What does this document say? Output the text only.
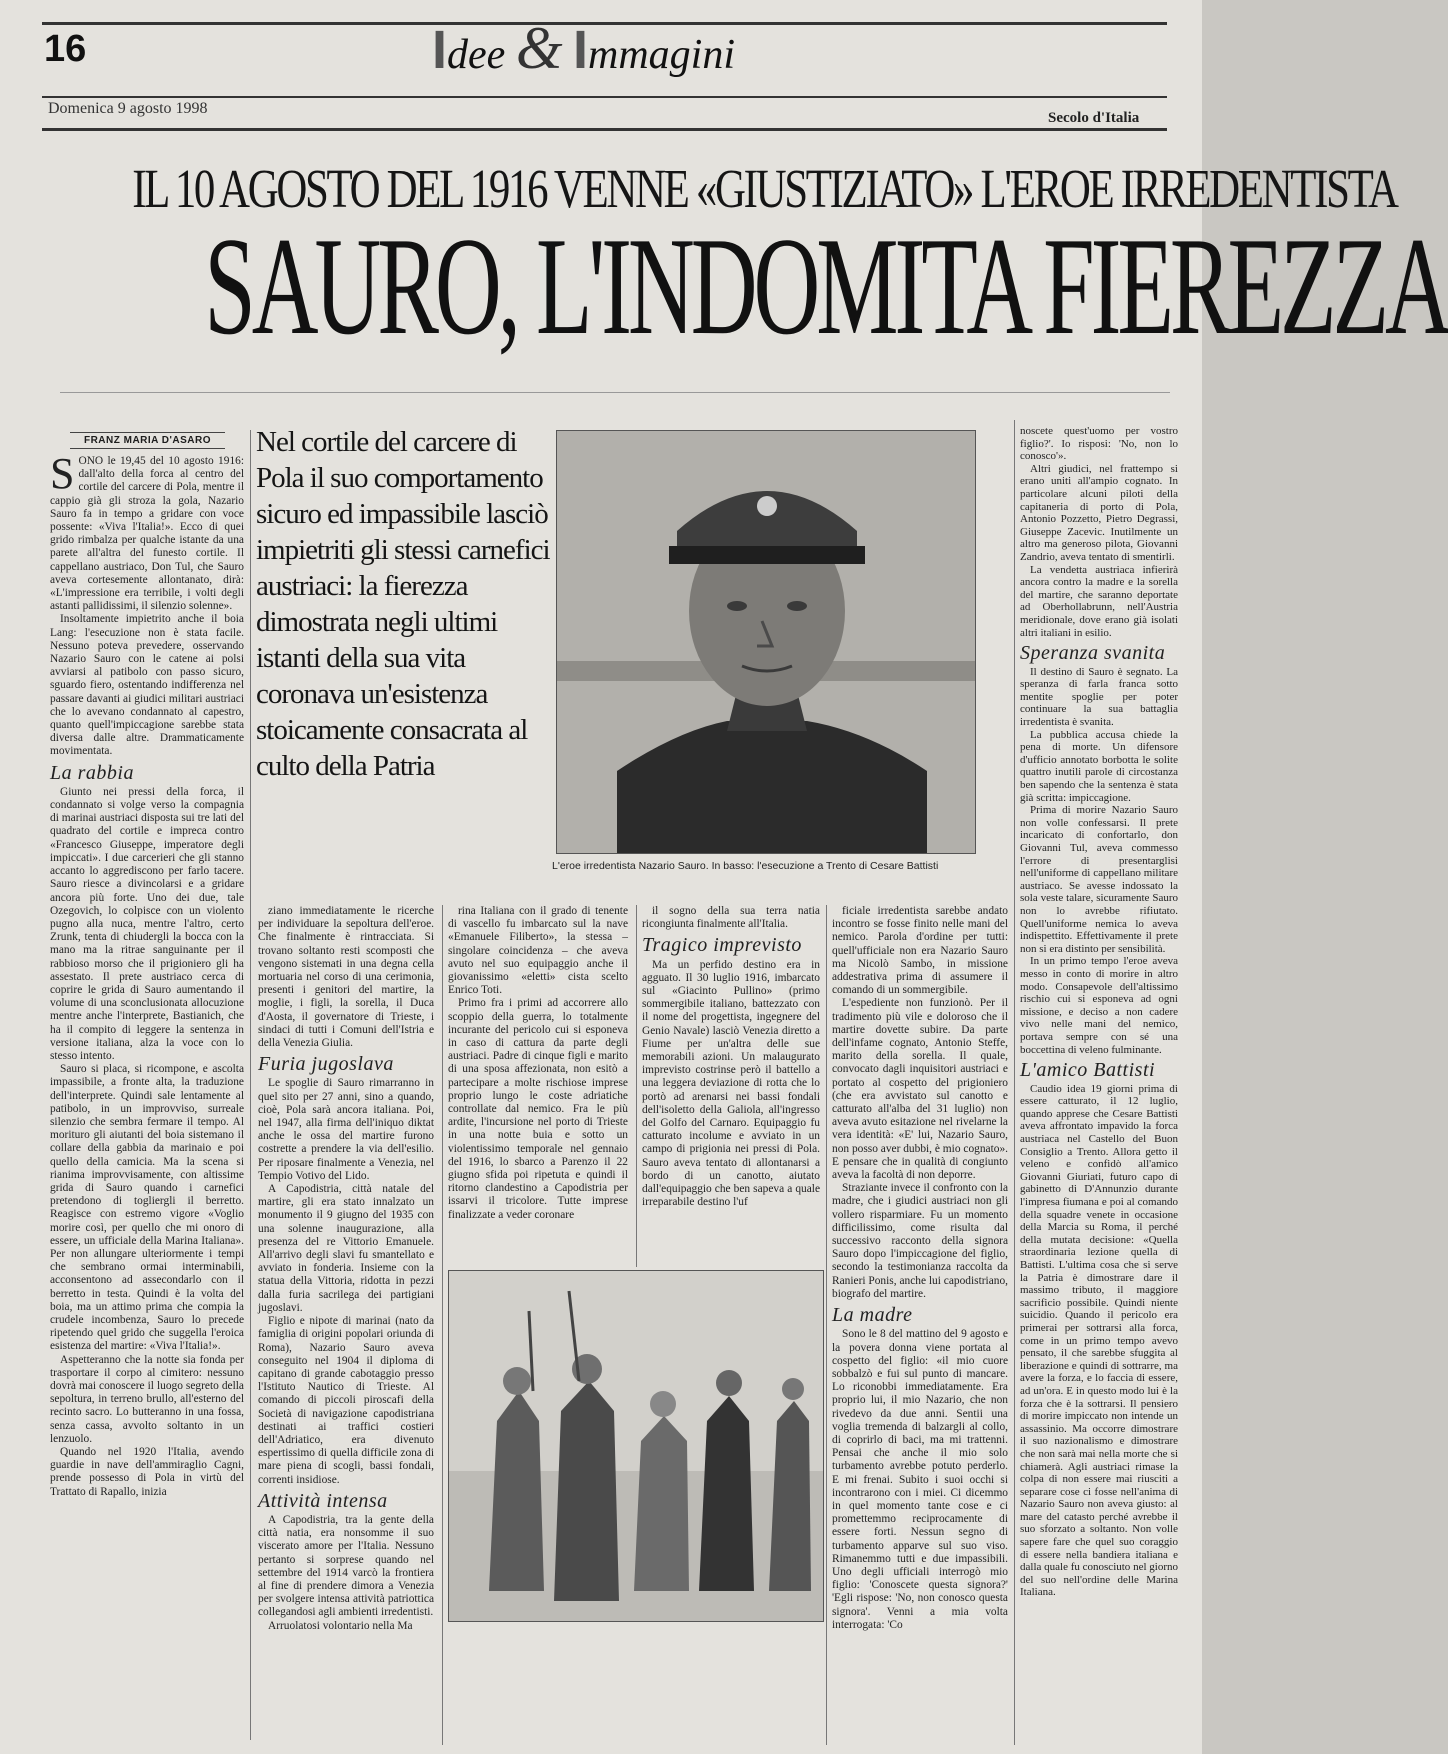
16	Idee & Immagini
Domenica 9 agosto 1998
Secolo d'Italia
IL 10 AGOSTO DEL 1916 VENNE «GIUSTIZIATO» L'EROE IRREDENTISTA
SAURO, L'INDOMITA FIEREZZA
FRANZ MARIA D'ASARO

SONO le 19,45 del 10 agosto 1916: dall'alto della forca al centro del cortile del carcere di Pola, mentre il cappio già gli stroza la gola, Nazario Sauro fa in tempo a gridare con voce possente: «Viva l'Italia!». Ecco di quei grido rimbalza per qualche istante da una parete all'altra del funesto cortile. Il cappellano austriaco, Don Tul, che Sauro aveva cortesemente allontanato, dirà: «L'impressione era terribile, i volti degli astanti pallidissimi, il silenzio solenne».

Insoltamente impietrito anche il boia Lang: l'esecuzione non è stata facile. Nessuno poteva prevedere, osservando Nazario Sauro con le catene ai polsi avviarsi al patibolo con passo sicuro, sguardo fiero, ostentando indifferenza nel passare davanti ai giudici militari austriaci che lo avevano condannato al capestro, quanto quell'impiccagione sarebbe stata diversa dalle altre. Drammaticamente movimentata.

La rabbia

Giunto nei pressi della forca, il condannato si volge verso la compagnia di marinai austriaci disposta sui tre lati del quadrato del cortile e impreca contro «Francesco Giuseppe, imperatore degli impiccati». I due carcerieri che gli stanno accanto lo aggrediscono per farlo tacere. Sauro riesce a divincolarsi e a gridare ancora più forte. Uno dei due, tale Ozegovich, lo colpisce con un violento pugno alla nuca, mentre l'altro, certo Zrunk, tenta di chiudergli la bocca con la mano ma la ritrae sanguinante per il rabbioso morso che il prigioniero gli ha assestato. Il prete austriaco cerca di coprire le grida di Sauro aumentando il volume di una sconclusionata allocuzione mentre anche l'interprete, Bastianich, che ha il compito di leggere la sentenza in versione italiana, alza la voce con lo stesso intento.

Sauro si placa, si ricompone, e ascolta impassibile, a fronte alta, la traduzione dell'interprete. Quindi sale lentamente al patibolo, in un improvviso, surreale silenzio che sembra fermare il tempo. Al morituro gli aiutanti del boia sistemano il collare della gabbia da marinaio e poi quello della camicia. Ma la scena si rianima improvvisamente, con altissime grida di Sauro quando i carnefici pretendono di togliergli il berretto. Reagisce con estremo vigore «Voglio morire così, per quello che mi onoro di essere, un ufficiale della Marina Italiana». Per non allungare ulteriormente i tempi che sembrano ormai interminabili, acconsentono ad assecondarlo con il berretto in testa. Quindi è la volta del boia, ma un attimo prima che compia la crudele incombenza, Sauro lo precede ripetendo quel grido che suggella l'eroica esistenza del martire: «Viva l'Italia!».

Aspetteranno che la notte sia fonda per trasportare il corpo al cimitero: nessuno dovrà mai conoscere il luogo segreto della sepoltura, in terreno brullo, all'esterno del recinto sacro. Lo butteranno in una fossa, senza cassa, avvolto soltanto in un lenzuolo.

Quando nel 1920 l'Italia, avendo guardie in nave dell'ammiraglio Cagni, prende possesso di Pola in virtù del Trattato di Rapallo, inizia

Nel cortile del carcere di Pola il suo comportamento sicuro ed impassibile lasciò impietriti gli stessi carnefici austriaci: la fierezza dimostrata negli ultimi istanti della sua vita coronava un'esistenza stoicamente consacrata al culto della Patria
L'eroe irredentista Nazario Sauro. In basso: l'esecuzione a Trento di Cesare Battisti

ziano immediatamente le ricerche per individuare la sepoltura dell'eroe. Che finalmente è rintracciata. Si trovano soltanto resti scomposti che vengono sistemati in una degna cella mortuaria nel corso di una cerimonia, presenti i genitori del martire, la moglie, i figli, la sorella, il Duca d'Aosta, il governatore di Trieste, i sindaci di tutti i Comuni dell'Istria e della Venezia Giulia.

Furia jugoslava

Le spoglie di Sauro rimarranno in quel sito per 27 anni, sino a quando, cioè, Pola sarà ancora italiana. Poi, nel 1947, alla firma dell'iniquo diktat anche le ossa del martire furono costrette a prendere la via dell'esilio. Per riposare finalmente a Venezia, nel Tempio Votivo del Lido.

A Capodistria, città natale del martire, gli era stato innalzato un monumento il 9 giugno del 1935 con una solenne inaugurazione, alla presenza del re Vittorio Emanuele. All'arrivo degli slavi fu smantellato e avviato in fonderia. Insieme con la statua della Vittoria, ridotta in pezzi dalla furia sacrilega dei partigiani jugoslavi.

Figlio e nipote di marinai (nato da famiglia di origini popolari oriunda di Roma), Nazario Sauro aveva conseguito nel 1904 il diploma di capitano di grande cabotaggio presso l'Istituto Nautico di Trieste. Al comando di piccoli piroscafi della Società di navigazione capodistriana destinati ai traffici costieri dell'Adriatico, era divenuto espertissimo di quella difficile zona di mare piena di scogli, bassi fondali, correnti insidiose.

Attività intensa

A Capodistria, tra la gente della città natia, era nonsomme il suo viscerato amore per l'Italia. Nessuno pertanto si sorprese quando nel settembre del 1914 varcò la frontiera al fine di prendere dimora a Venezia per svolgere intensa attività patriottica collegandosi agli ambienti irredentisti.

Arruolatosi volontario nella Ma

rina Italiana con il grado di tenente di vascello fu imbarcato sul la nave «Emanuele Filiberto», la stessa – singolare coincidenza – che aveva avuto nel suo equipaggio anche il giovanissimo «eletti» cista scelto Enrico Toti.

Primo fra i primi ad accorrere allo scoppio della guerra, lo totalmente incurante del pericolo cui si esponeva in caso di cattura da parte degli austriaci. Padre di cinque figli e marito di una sposa affezionata, non esitò a partecipare a molte rischiose imprese proprio lungo le coste adriatiche controllate dal nemico. Fra le più ardite, l'incursione nel porto di Trieste in una notte buia e sotto un violentissimo temporale nel gennaio del 1916, lo sbarco a Parenzo il 22 giugno sfida poi ripetuta e quindi il ritorno clandestino a Capodistria per issarvi il tricolore. Tutte imprese finalizzate a veder coronare

il sogno della sua terra natia ricongiunta finalmente all'Italia.

Tragico imprevisto

Ma un perfido destino era in agguato. Il 30 luglio 1916, imbarcato sul «Giacinto Pullino» (primo sommergibile italiano, battezzato con il nome del progettista, ingegnere del Genio Navale) lasciò Venezia diretto a Fiume per un'altra delle sue memorabili azioni. Un malaugurato imprevisto costrinse però il battello a una leggera deviazione di rotta che lo portò ad arenarsi nei bassi fondali dell'isoletto della Galiola, all'ingresso del Golfo del Carnaro. Equipaggio fu catturato incolume e avviato in un campo di prigionia nei pressi di Pola. Sauro aveva tentato di allontanarsi a bordo di un canotto, aiutato dall'equipaggio che ben sapeva a quale irreparabile destino l'uf

ficiale irredentista sarebbe andato incontro se fosse finito nelle mani del nemico. Parola d'ordine per tutti: quell'ufficiale non era Nazario Sauro ma Nicolò Sambo, in missione addestrativa prima di assumere il comando di un sommergibile.

L'espediente non funzionò. Per il tradimento più vile e doloroso che il martire dovette subire. Da parte dell'infame cognato, Antonio Steffe, marito della sorella. Il quale, convocato dagli inquisitori austriaci e portato al cospetto del prigioniero (che era avvistato sul canotto e catturato all'alba del 31 luglio) non aveva avuto esitazione nel rivelarne la vera identità: «E' lui, Nazario Sauro, non posso aver dubbi, è mio cognato». E pensare che in qualità di congiunto aveva la facoltà di non deporre.

Straziante invece il confronto con la madre, che i giudici austriaci non gli vollero risparmiare. Fu un momento difficilissimo, come risulta dal successivo racconto della signora Sauro dopo l'impiccagione del figlio, secondo la testimonianza raccolta da Ranieri Ponis, anche lui capodistriano, biografo del martire.

La madre

Sono le 8 del mattino del 9 agosto e la povera donna viene portata al cospetto del figlio: «il mio cuore sobbalzò e fui sul punto di mancare. Lo riconobbi immediatamente. Era proprio lui, il mio Nazario, che non rivedevo da due anni. Sentii una voglia tremenda di balzargli al collo, di coprirlo di baci, ma mi trattenni. Pensai che anche il mio solo turbamento avrebbe potuto perderlo. E mi frenai. Subito i suoi occhi si incontrarono con i miei. Ci dicemmo in quel momento tante cose e ci promettemmo reciprocamente di essere forti. Nessun segno di turbamento apparve sul suo viso. Rimanemmo tutti e due impassibili. Uno degli ufficiali interrogò mio figlio: 'Conoscete questa signora?' 'Egli rispose: 'No, non conosco questa signora'. Venni a mia volta interrogata: 'Co

noscete quest'uomo per vostro figlio?'. Io risposi: 'No, non lo conosco'».

Altri giudici, nel frattempo si erano uniti all'ampio cognato. In particolare alcuni piloti della capitaneria di porto di Pola, Antonio Pozzetto, Pietro Degrassi, Giuseppe Zacevic. Inutilmente un altro ma generoso pilota, Giovanni Zandrio, aveva tentato di smentirli.

La vendetta austriaca infierirà ancora contro la madre e la sorella del martire, che saranno deportate ad Oberhollabrunn, nell'Austria meridionale, dove erano già isolati altri italiani in esilio.

Speranza svanita

Il destino di Sauro è segnato. La speranza di farla franca sotto mentite spoglie per poter continuare la sua battaglia irredentista è svanita.

La pubblica accusa chiede la pena di morte. Un difensore d'ufficio annotato borbotta le solite quattro inutili parole di circostanza ben sapendo che la sentenza è stata già scritta: impiccagione.

Prima di morire Nazario Sauro non volle confessarsi. Il prete incaricato di confortarlo, don Giovanni Tul, aveva commesso l'errore di presentarglisi nell'uniforme di cappellano militare austriaco. Se avesse indossato la sola veste talare, sicuramente Sauro non lo avrebbe rifiutato. Quell'uniforme nemica lo aveva indispettito. Effettivamente il prete non si era distinto per sensibilità.

In un primo tempo l'eroe aveva messo in conto di morire in altro modo. Consapevole dell'altissimo rischio cui si esponeva ad ogni missione, e deciso a non cadere vivo nelle mani del nemico, portava sempre con sé una boccettina di veleno fulminante.

L'amico Battisti

Caudio idea 19 giorni prima di essere catturato, il 12 luglio, quando apprese che Cesare Battisti aveva affrontato impavido la forca austriaca nel Castello del Buon Consiglio a Trento. Allora getto il veleno e confidò all'amico Giovanni Giuriati, futuro capo di gabinetto di D'Annunzio durante l'impresa fiumana e poi al comando della squadre venete in occasione della Marcia su Roma, il perché della mutata decisione: «Quella straordinaria lezione quella di Battisti. L'ultima cosa che si serve la Patria è dimostrare dare il massimo tributo, il maggiore sacrificio possibile. Quindi niente suicidio. Quando il pericolo era primerai per sottrarsi alla forca, come in un primo tempo avevo pensato, il che sarebbe sfuggita al liberazione e quindi di sottrarre, ma avere la forza, e lo faccia di essere, ad un'ora. E in questo modo lui è la forza che è la sottrarsi. Il pensiero di morire impiccato non intende un assassinio. Ma occorre dimostrare il suo nazionalismo e dimostrare che non sarà mai nella morte che si chiamerà. Agli austriaci rimase la colpa di non essere mai riusciti a separare cose ci fosse nell'anima di Nazario Sauro non aveva giusto: al mare del catasto perché avrebbe il suo sforzato a soltanto. Non volle sapere fare che quel suo coraggio di essere nella bandiera italiana e dalla quale fu conosciuto nel giorno del suo nell'ordine delle Marina Italiana.
